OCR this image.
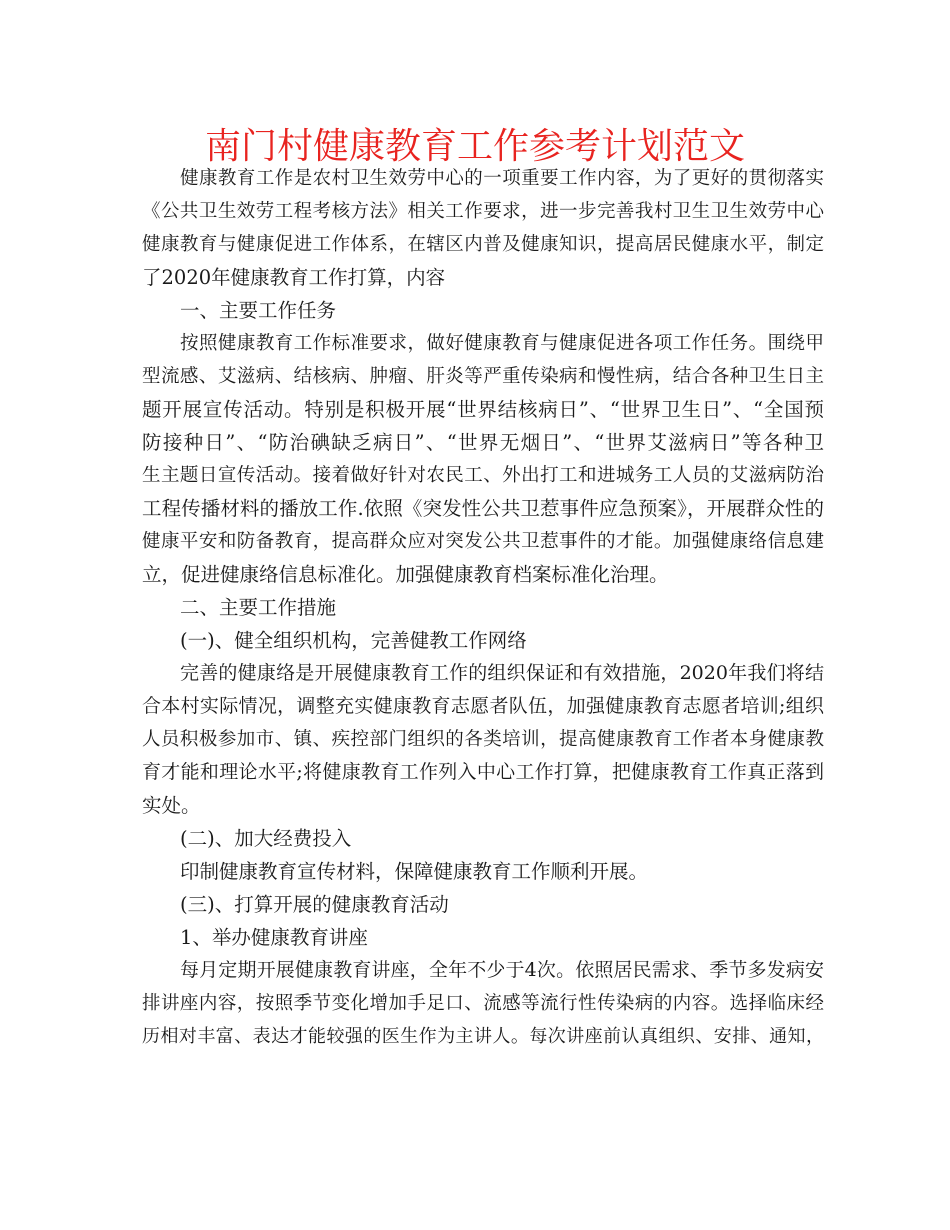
南门村健康教育工作参考计划范文
健康教育工作是农村卫生效劳中心的一项重要工作内容，为了更好的贯彻落实
《公共卫生效劳工程考核方法》相关工作要求，进一步完善我村卫生卫生效劳中心
健康教育与健康促进工作体系，在辖区内普及健康知识，提高居民健康水平，制定
了2020年健康教育工作打算，内容
一、主要工作任务
按照健康教育工作标准要求，做好健康教育与健康促进各项工作任务。围绕甲
型流感、艾滋病、结核病、肿瘤、肝炎等严重传染病和慢性病，结合各种卫生日主
题开展宣传活动。特别是积极开展“世界结核病日”、“世界卫生日”、“全国预
防接种日”、“防治碘缺乏病日”、“世界无烟日”、“世界艾滋病日”等各种卫
生主题日宣传活动。接着做好针对农民工、外出打工和进城务工人员的艾滋病防治
工程传播材料的播放工作.依照《突发性公共卫惹事件应急预案》，开展群众性的
健康平安和防备教育，提高群众应对突发公共卫惹事件的才能。加强健康络信息建
立，促进健康络信息标准化。加强健康教育档案标准化治理。
二、主要工作措施
(一)、健全组织机构，完善健教工作网络
完善的健康络是开展健康教育工作的组织保证和有效措施，2020年我们将结
合本村实际情况，调整充实健康教育志愿者队伍，加强健康教育志愿者培训;组织
人员积极参加市、镇、疾控部门组织的各类培训，提高健康教育工作者本身健康教
育才能和理论水平;将健康教育工作列入中心工作打算，把健康教育工作真正落到
实处。
(二)、加大经费投入
印制健康教育宣传材料，保障健康教育工作顺利开展。
(三)、打算开展的健康教育活动
1、举办健康教育讲座
每月定期开展健康教育讲座，全年不少于4次。依照居民需求、季节多发病安
排讲座内容，按照季节变化增加手足口、流感等流行性传染病的内容。选择临床经
历相对丰富、表达才能较强的医生作为主讲人。每次讲座前认真组织、安排、通知，
